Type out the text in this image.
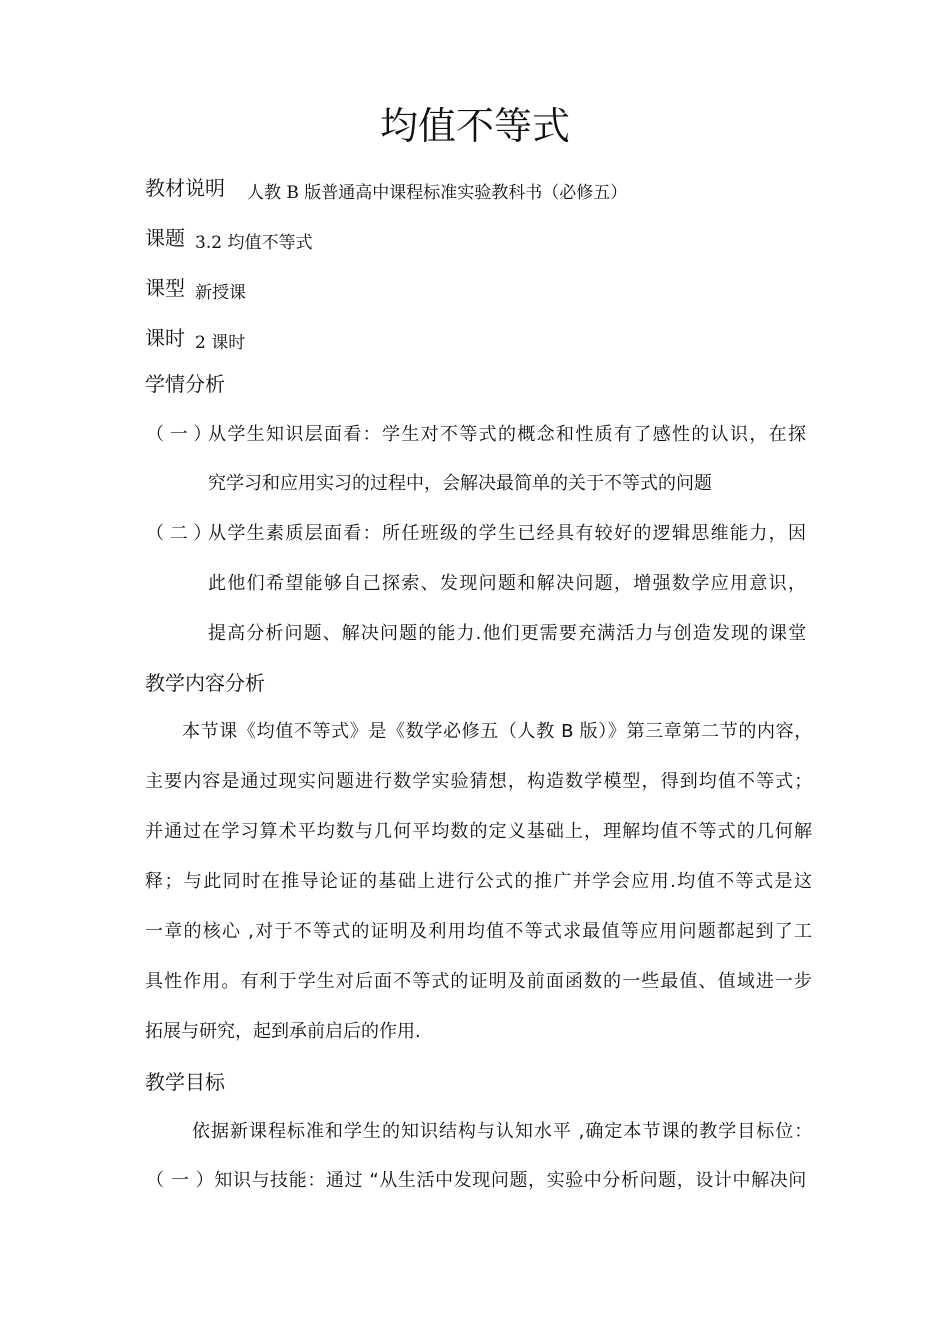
均值不等式
教材说明 人教 B 版普通高中课程标准实验教科书（必修五）
课题 3.2 均值不等式
课型 新授课
课时 2 课时
学情分析
（ 一 ）
从学生知识层面看：学生对不等式的概念和性质有了感性的认识，在探
究学习和应用实习的过程中，会解决最简单的关于不等式的问题
（ 二 ）
从学生素质层面看：所任班级的学生已经具有较好的逻辑思维能力，因
此他们希望能够自己探索、发现问题和解决问题，增强数学应用意识，
提高分析问题、解决问题的能力.他们更需要充满活力与创造发现的课堂
教学内容分析
本节课《均值不等式》是《数学必修五（人教 B 版）》第三章第二节的内容，
主要内容是通过现实问题进行数学实验猜想，构造数学模型，得到均值不等式；
并通过在学习算术平均数与几何平均数的定义基础上，理解均值不等式的几何解
释；与此同时在推导论证的基础上进行公式的推广并学会应用.均值不等式是这
一章的核心 ,对于不等式的证明及利用均值不等式求最值等应用问题都起到了工
具性作用。有利于学生对后面不等式的证明及前面函数的一些最值、值域进一步
拓展与研究，起到承前启后的作用.
教学目标
依据新课程标准和学生的知识结构与认知水平 ,确定本节课的教学目标位：
（ 一 ）知识与技能：通过 “从生活中发现问题，实验中分析问题，设计中解决问
